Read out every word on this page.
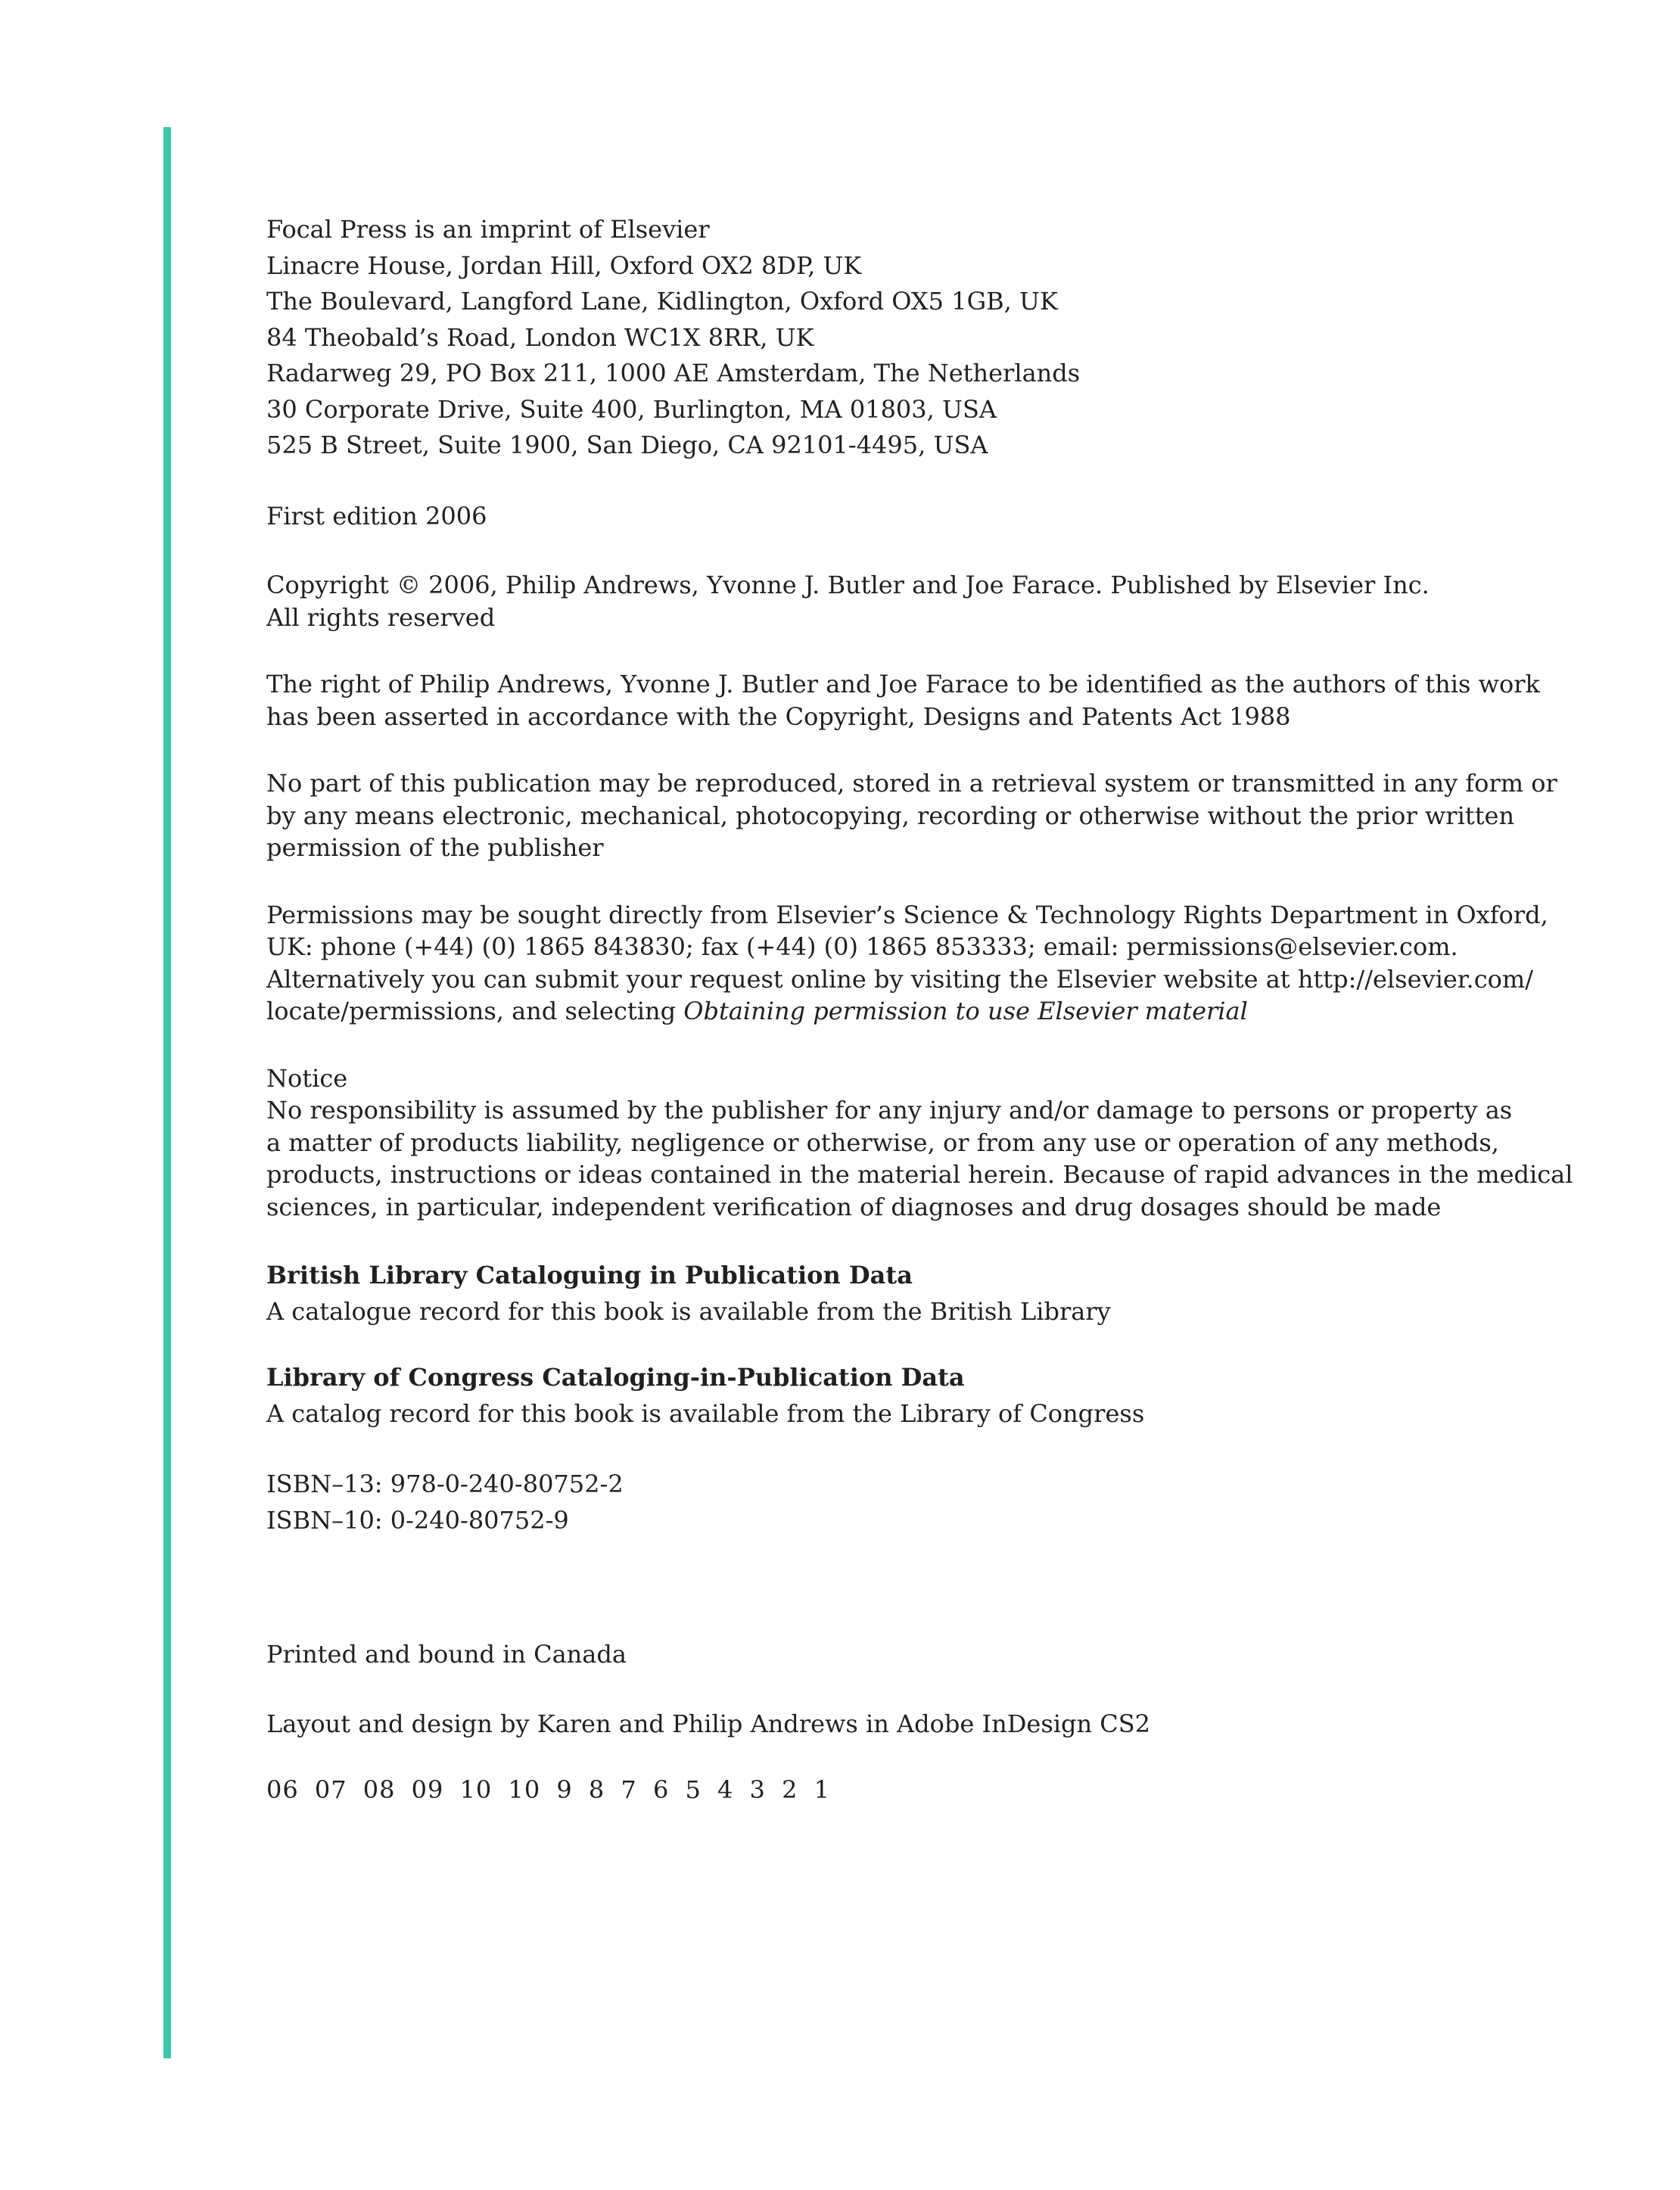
Focal Press is an imprint of Elsevier
Linacre House, Jordan Hill, Oxford OX2 8DP, UK
The Boulevard, Langford Lane, Kidlington, Oxford OX5 1GB, UK
84 Theobald’s Road, London WC1X 8RR, UK
Radarweg 29, PO Box 211, 1000 AE Amsterdam, The Netherlands
30 Corporate Drive, Suite 400, Burlington, MA 01803, USA
525 B Street, Suite 1900, San Diego, CA 92101-4495, USA
First edition 2006
Copyright © 2006, Philip Andrews, Yvonne J. Butler and Joe Farace. Published by Elsevier Inc.
All rights reserved
The right of Philip Andrews, Yvonne J. Butler and Joe Farace to be identified as the authors of this work
has been asserted in accordance with the Copyright, Designs and Patents Act 1988
No part of this publication may be reproduced, stored in a retrieval system or transmitted in any form or
by any means electronic, mechanical, photocopying, recording or otherwise without the prior written
permission of the publisher
Permissions may be sought directly from Elsevier’s Science & Technology Rights Department in Oxford,
UK: phone (+44) (0) 1865 843830; fax (+44) (0) 1865 853333; email: permissions@elsevier.com.
Alternatively you can submit your request online by visiting the Elsevier website at http://elsevier.com/
locate/permissions, and selecting Obtaining permission to use Elsevier material
Notice
No responsibility is assumed by the publisher for any injury and/or damage to persons or property as
a matter of products liability, negligence or otherwise, or from any use or operation of any methods,
products, instructions or ideas contained in the material herein. Because of rapid advances in the medical
sciences, in particular, independent verification of diagnoses and drug dosages should be made
British Library Cataloguing in Publication Data
A catalogue record for this book is available from the British Library
Library of Congress Cataloging-in-Publication Data
A catalog record for this book is available from the Library of Congress
ISBN–13: 978-0-240-80752-2
ISBN–10: 0-240-80752-9
Printed and bound in Canada
Layout and design by Karen and Philip Andrews in Adobe InDesign CS2
06 07 08 09 10 10 9 8 7 6 5 4 3 2 1
